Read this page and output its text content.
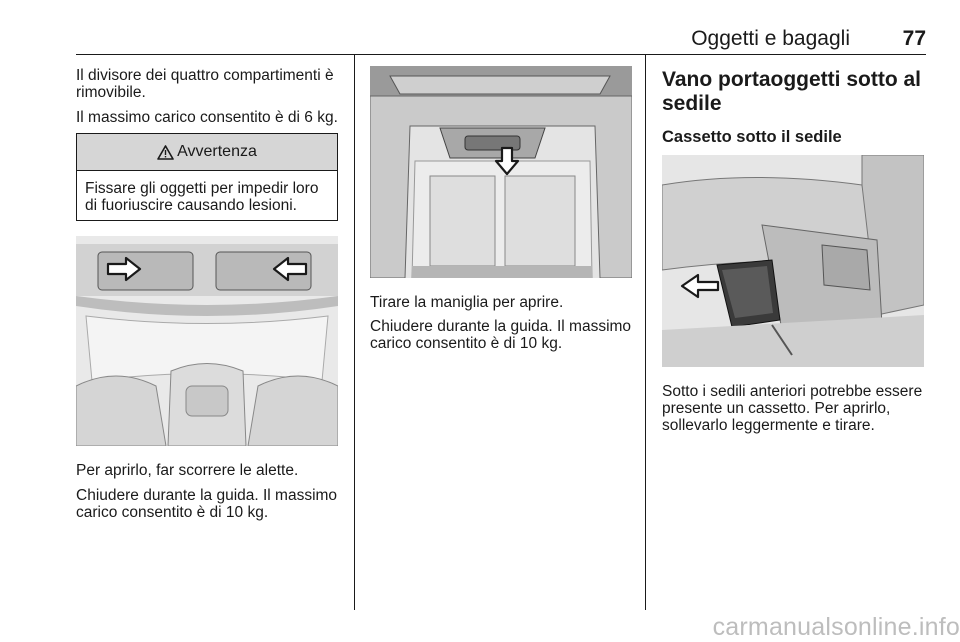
Oggetti e bagagli	77

Il divisore dei quattro compartimenti è rimovibile.

Il massimo carico consentito è di 6 kg.

Avvertenza
Fissare gli oggetti per impedir loro di fuoriuscire causando lesioni.

Per aprirlo, far scorrere le alette.

Chiudere durante la guida. Il massimo carico consentito è di 10 kg.

Tirare la maniglia per aprire.

Chiudere durante la guida. Il massimo carico consentito è di 10 kg.

Vano portaoggetti sotto al sedile
Cassetto sotto il sedile

Sotto i sedili anteriori potrebbe essere presente un cassetto. Per aprirlo, sollevarlo leggermente e tirare.

carmanualsonline.info
